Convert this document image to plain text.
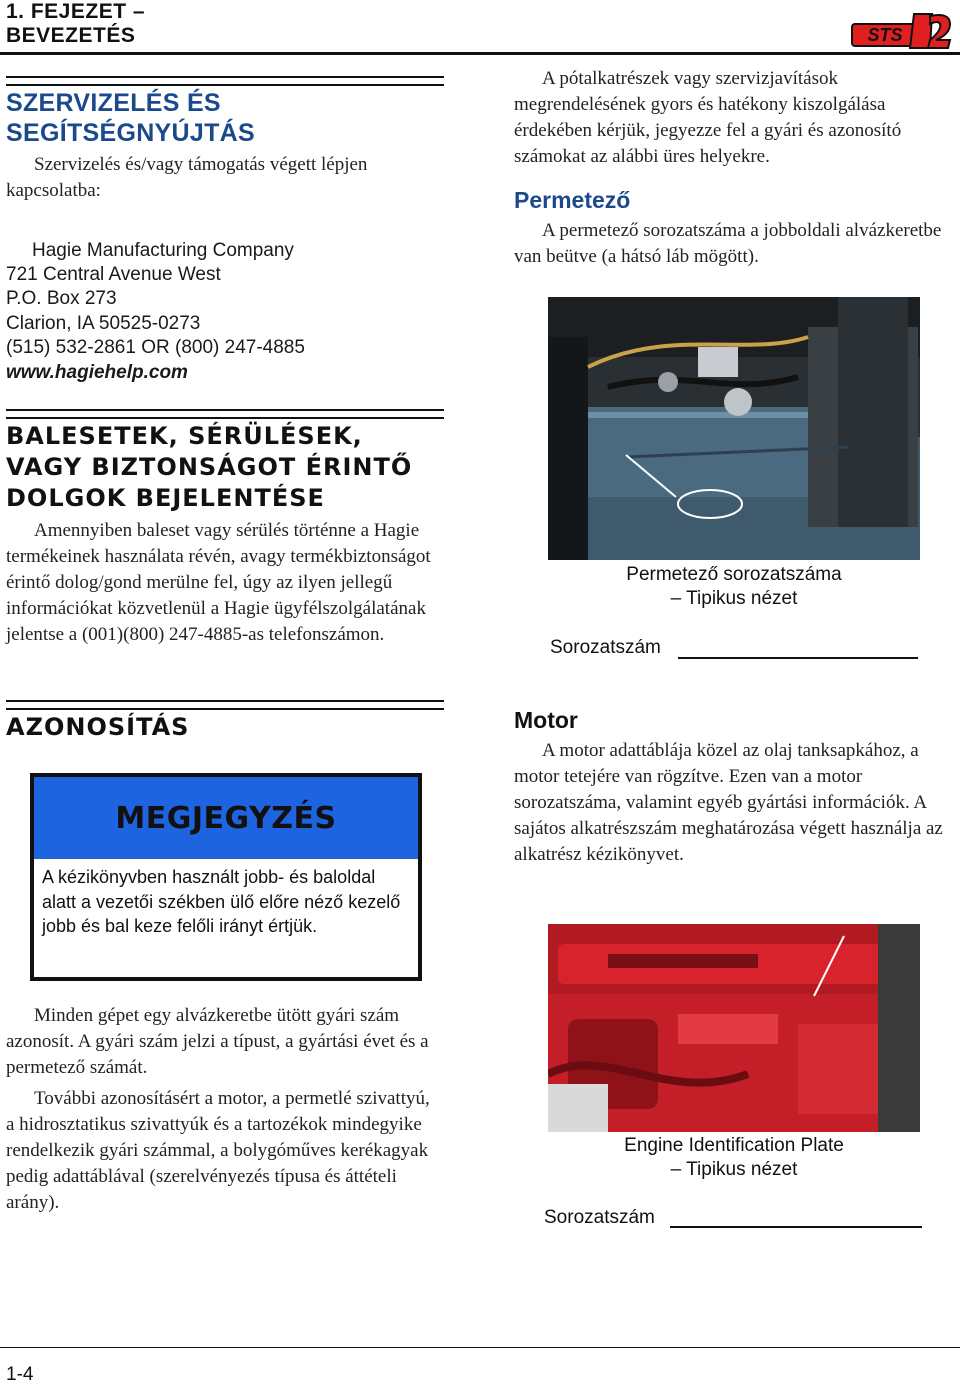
1. FEJEZET –
BEVEZETÉS	STS
SZERVIZELÉS ÉS
SEGÍTSÉGNYÚJTÁS
Szervizelés és/vagy támogatás végett lépjen kapcsolatba:
Hagie Manufacturing Company
721 Central Avenue West
P.O. Box 273
Clarion, IA 50525-0273
(515) 532-2861 OR (800) 247-4885
www.hagiehelp.com
BALESETEK, SÉRÜLÉSEK,
VAGY BIZTONSÁGOT ÉRINTŐ
DOLGOK BEJELENTÉSE
Amennyiben baleset vagy sérülés történne a Hagie termékeinek használata révén, avagy termékbiztonságot érintő dolog/gond merülne fel, úgy az ilyen jellegű információkat közvetlenül a Hagie ügyfélszolgálatának jelentse a (001)(800) 247-4885-as telefonszámon.
AZONOSÍTÁS
MEGJEGYZÉS
A kézikönyvben használt jobb- és baloldal alatt a vezetői székben ülő előre néző kezelő jobb és bal keze felőli irányt értjük.
Minden gépet egy alvázkeretbe ütött gyári szám azonosít. A gyári szám jelzi a típust, a gyártási évet és a permetező számát.
További azonosításért a motor, a permetlé szivattyú, a hidrosztatikus szivattyúk és a tartozékok mindegyike rendelkezik gyári számmal, a bolygóműves kerékagyak pedig adattáblával (szerelvényezés típusa és áttételi arány).
A pótalkatrészek vagy szervizjavítások megrendelésének gyors és hatékony kiszolgálása érdekében kérjük, jegyezze fel a gyári és azonosító számokat az alábbi üres helyekre.
Permetező
A permetező sorozatszáma a jobboldali alvázkeretbe van beütve (a hátsó láb mögött).
Permetező sorozatszáma
– Tipikus nézet
Sorozatszám
Motor
A motor adattáblája közel az olaj tanksapkához, a motor tetejére van rögzítve. Ezen van a motor sorozatszáma, valamint egyéb gyártási információk. A sajátos alkatrészszám meghatározása végett használja az alkatrész kézikönyvet.
Engine Identification Plate
– Tipikus nézet
Sorozatszám
1-4
